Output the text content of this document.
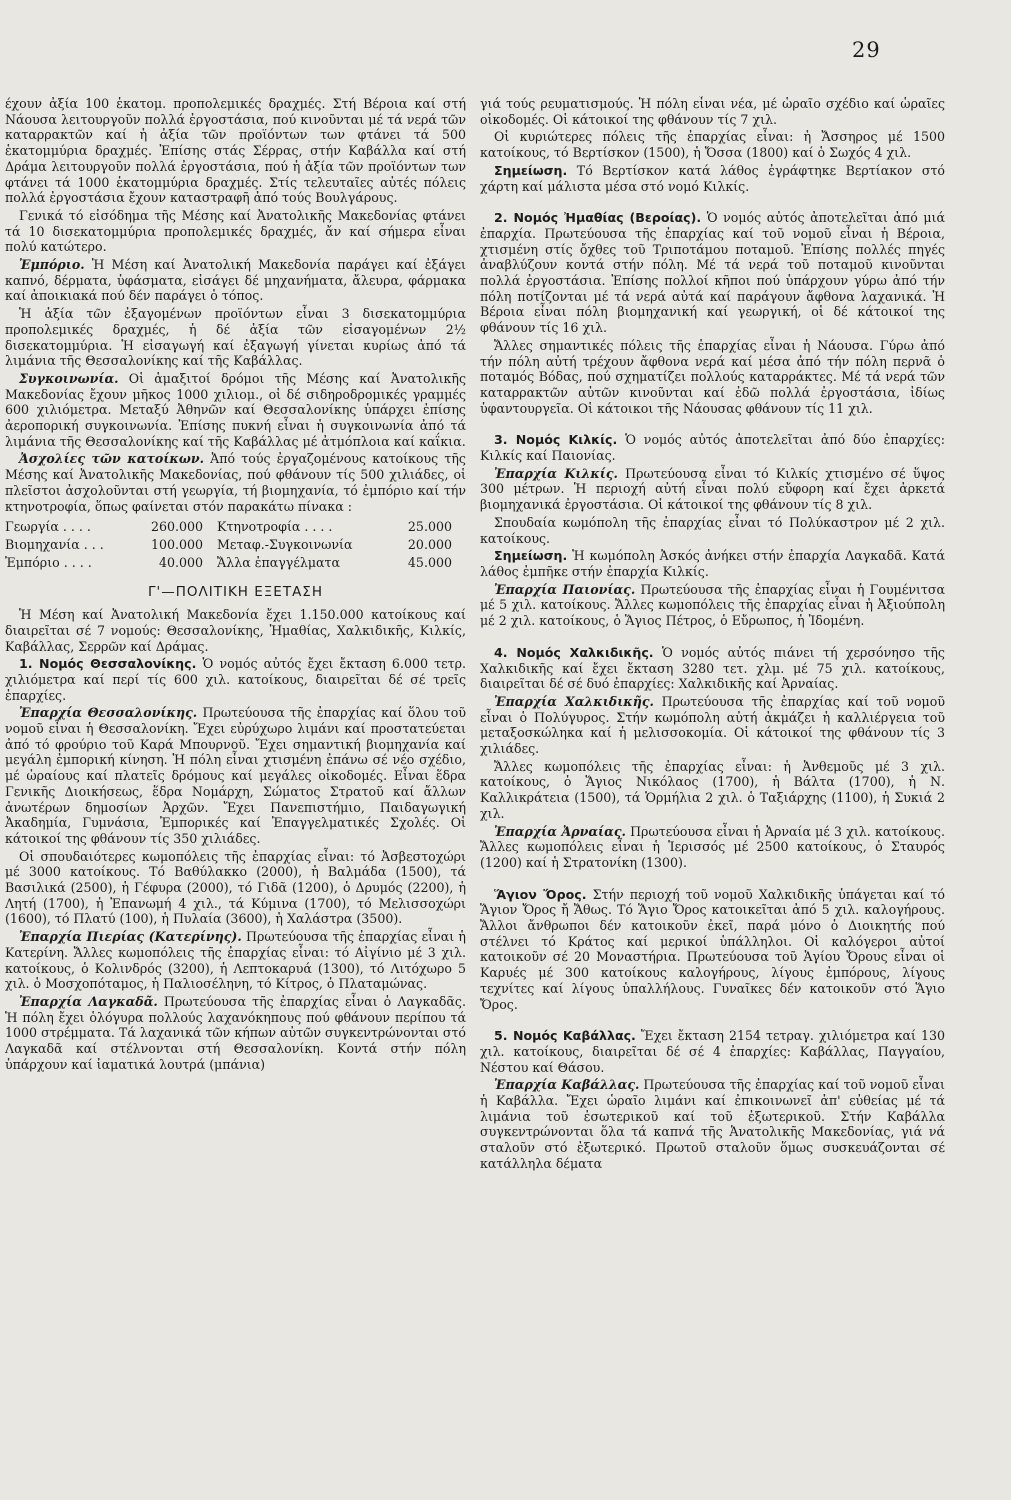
29

έχουν ἀξία 100 ἑκατομ. προπολεμικές δραχμές. Στή Βέροια καί στή Νάουσα λειτουργοῦν πολλά ἐργοστάσια, πού κινοῦνται μέ τά νερά τῶν καταρρακτῶν καί ἡ ἀξία τῶν προϊόντων των φτάνει τά 500 ἑκατομμύρια δραχμές. Ἐπίσης στάς Σέρρας, στήν Καβάλλα καί στή Δράμα λειτουργοῦν πολλά ἐργοστάσια, πού ἡ ἀξία τῶν προϊόντων των φτάνει τά 1000 ἑκατομμύρια δραχμές. Στίς τελευταῖες αὐτές πόλεις πολλά ἐργοστάσια ἔχουν καταστραφῆ ἀπό τούς Βουλγάρους.

Γενικά τό εἰσόδημα τῆς Μέσης καί Ἀνατολικῆς Μακεδονίας φτάνει τά 10 δισεκατομμύρια προπολεμικές δραχμές, ἄν καί σήμερα εἶναι πολύ κατώτερο.

Ἐμπόριο. Ἡ Μέση καί Ἀνατολική Μακεδονία παράγει καί ἐξάγει καπνό, δέρματα, ὑφάσματα, εἰσάγει δέ μηχανήματα, ἄλευρα, φάρμακα καί ἀποικιακά πού δέν παράγει ὁ τόπος.

Ἡ ἀξία τῶν ἐξαγομένων προϊόντων εἶναι 3 δισεκατομμύρια προπολεμικές δραχμές, ἡ δέ ἀξία τῶν εἰσαγομένων 2½ δισεκατομμύρια. Ἡ εἰσαγωγή καί ἐξαγωγή γίνεται κυρίως ἀπό τά λιμάνια τῆς Θεσσαλονίκης καί τῆς Καβάλλας.

Συγκοινωνία. Οἱ ἁμαξιτοί δρόμοι τῆς Μέσης καί Ἀνατολικῆς Μακεδονίας ἔχουν μῆκος 1000 χιλιομ., οἱ δέ σιδηροδρομικές γραμμές 600 χιλιόμετρα. Μεταξύ Ἀθηνῶν καί Θεσσαλονίκης ὑπάρχει ἐπίσης ἀεροπορική συγκοινωνία. Ἐπίσης πυκνή εἶναι ἡ συγκοινωνία ἀπό τά λιμάνια τῆς Θεσσαλονίκης καί τῆς Καβάλλας μέ ἀτμόπλοια καί καΐκια.

Ἀσχολίες τῶν κατοίκων. Ἀπό τούς ἐργαζομένους κατοίκους τῆς Μέσης καί Ἀνατολικῆς Μακεδονίας, πού φθάνουν τίς 500 χιλιάδες, οἱ πλεῖστοι ἀσχολοῦνται στή γεωργία, τή βιομηχανία, τό ἐμπόριο καί τήν κτηνοτροφία, ὅπως φαίνεται στόν παρακάτω πίνακα :

Γεωργία . . . .	260.000	Κτηνοτροφία . . . .	25.000
Βιομηχανία . . .	100.000	Μεταφ.-Συγκοινωνία	20.000
Ἐμπόριο . . . .	40.000	Ἄλλα ἐπαγγέλματα	45.000
Γ'—ΠΟΛΙΤΙΚΗ ΕΞΕΤΑΣΗ

Ἡ Μέση καί Ἀνατολική Μακεδονία ἔχει 1.150.000 κατοίκους καί διαιρεῖται σέ 7 νομούς: Θεσσαλονίκης, Ἠμαθίας, Χαλκιδικῆς, Κιλκίς, Καβάλλας, Σερρῶν καί Δράμας.

1. Νομός Θεσσαλονίκης. Ὁ νομός αὐτός ἔχει ἔκταση 6.000 τετρ. χιλιόμετρα καί περί τίς 600 χιλ. κατοίκους, διαιρεῖται δέ σέ τρεῖς ἐπαρχίες.

Ἐπαρχία Θεσσαλονίκης. Πρωτεύουσα τῆς ἐπαρχίας καί ὅλου τοῦ νομοῦ εἶναι ἡ Θεσσαλονίκη. Ἔχει εὐρύχωρο λιμάνι καί προστατεύεται ἀπό τό φρούριο τοῦ Καρά Μπουρνοῦ. Ἔχει σημαντική βιομηχανία καί μεγάλη ἐμπορική κίνηση. Ἡ πόλη εἶναι χτισμένη ἐπάνω σέ νέο σχέδιο, μέ ὡραίους καί πλατεῖς δρόμους καί μεγάλες οἰκοδομές. Εἶναι ἕδρα Γενικῆς Διοικήσεως, ἕδρα Νομάρχη, Σώματος Στρατοῦ καί ἄλλων ἀνωτέρων δημοσίων Ἀρχῶν. Ἔχει Πανεπιστήμιο, Παιδαγωγική Ἀκαδημία, Γυμνάσια, Ἐμπορικές καί Ἐπαγγελματικές Σχολές. Οἱ κάτοικοί της φθάνουν τίς 350 χιλιάδες.

Οἱ σπουδαιότερες κωμοπόλεις τῆς ἐπαρχίας εἶναι: τό Ἀσβεστοχώρι μέ 3000 κατοίκους. Τό Βαθύλακκο (2000), ἡ Βαλμάδα (1500), τά Βασιλικά (2500), ἡ Γέφυρα (2000), τό Γιδᾶ (1200), ὁ Δρυμός (2200), ἡ Λητή (1700), ἡ Ἐπανωμή 4 χιλ., τά Κύμινα (1700), τό Μελισσοχώρι (1600), τό Πλατύ (100), ἡ Πυλαία (3600), ἡ Χαλάστρα (3500).

Ἐπαρχία Πιερίας (Κατερίνης). Πρωτεύουσα τῆς ἐπαρχίας εἶναι ἡ Κατερίνη. Ἄλλες κωμοπόλεις τῆς ἐπαρχίας εἶναι: τό Αἰγίνιο μέ 3 χιλ. κατοίκους, ὁ Κολινδρός (3200), ἡ Λεπτοκαρυά (1300), τό Λιτόχωρο 5 χιλ. ὁ Μοσχοπόταμος, ἡ Παλιοσέληνη, τό Κίτρος, ὁ Πλαταμώνας.

Ἐπαρχία Λαγκαδᾶ. Πρωτεύουσα τῆς ἐπαρχίας εἶναι ὁ Λαγκαδᾶς. Ἡ πόλη ἔχει ὁλόγυρα πολλούς λαχανόκηπους πού φθάνουν περίπου τά 1000 στρέμματα. Τά λαχανικά τῶν κήπων αὐτῶν συγκεντρώνονται στό Λαγκαδᾶ καί στέλνονται στή Θεσσαλονίκη. Κοντά στήν πόλη ὑπάρχουν καί ἰαματικά λουτρά (μπάνια)

γιά τούς ρευματισμούς. Ἡ πόλη εἶναι νέα, μέ ὡραῖο σχέδιο καί ὡραῖες οἰκοδομές. Οἱ κάτοικοί της φθάνουν τίς 7 χιλ.

Οἱ κυριώτερες πόλεις τῆς ἐπαρχίας εἶναι: ἡ Ἄσσηρος μέ 1500 κατοίκους, τό Βερτίσκον (1500), ἡ Ὄσσα (1800) καί ὁ Σωχός 4 χιλ.

Σημείωση. Τό Βερτίσκον κατά λάθος ἐγράφτηκε Βερτίακον στό χάρτη καί μάλιστα μέσα στό νομό Κιλκίς.

2. Νομός Ἠμαθίας (Βεροίας). Ὁ νομός αὐτός ἀποτελεῖται ἀπό μιά ἐπαρχία. Πρωτεύουσα τῆς ἐπαρχίας καί τοῦ νομοῦ εἶναι ἡ Βέροια, χτισμένη στίς ὄχθες τοῦ Τριποτάμου ποταμοῦ. Ἐπίσης πολλές πηγές ἀναβλύζουν κοντά στήν πόλη. Μέ τά νερά τοῦ ποταμοῦ κινοῦνται πολλά ἐργοστάσια. Ἐπίσης πολλοί κῆποι πού ὑπάρχουν γύρω ἀπό τήν πόλη ποτίζονται μέ τά νερά αὐτά καί παράγουν ἄφθονα λαχανικά. Ἡ Βέροια εἶναι πόλη βιομηχανική καί γεωργική, οἱ δέ κάτοικοί της φθάνουν τίς 16 χιλ.

Ἄλλες σημαντικές πόλεις τῆς ἐπαρχίας εἶναι ἡ Νάουσα. Γύρω ἀπό τήν πόλη αὐτή τρέχουν ἄφθονα νερά καί μέσα ἀπό τήν πόλη περνᾶ ὁ ποταμός Βόδας, πού σχηματίζει πολλούς καταρράκτες. Μέ τά νερά τῶν καταρρακτῶν αὐτῶν κινοῦνται καί ἐδῶ πολλά ἐργοστάσια, ἰδίως ὑφαντουργεῖα. Οἱ κάτοικοι τῆς Νάουσας φθάνουν τίς 11 χιλ.

3. Νομός Κιλκίς. Ὁ νομός αὐτός ἀποτελεῖται ἀπό δύο ἐπαρχίες: Κιλκίς καί Παιονίας.

Ἐπαρχία Κιλκίς. Πρωτεύουσα εἶναι τό Κιλκίς χτισμένο σέ ὕψος 300 μέτρων. Ἡ περιοχή αὐτή εἶναι πολύ εὔφορη καί ἔχει ἀρκετά βιομηχανικά ἐργοστάσια. Οἱ κάτοικοί της φθάνουν τίς 8 χιλ.

Σπουδαία κωμόπολη τῆς ἐπαρχίας εἶναι τό Πολύκαστρον μέ 2 χιλ. κατοίκους.

Σημείωση. Ἡ κωμόπολη Ἀσκός ἀνήκει στήν ἐπαρχία Λαγκαδᾶ. Κατά λάθος ἐμπῆκε στήν ἐπαρχία Κιλκίς.

Ἐπαρχία Παιονίας. Πρωτεύουσα τῆς ἐπαρχίας εἶναι ἡ Γουμένιτσα μέ 5 χιλ. κατοίκους. Ἄλλες κωμοπόλεις τῆς ἐπαρχίας εἶναι ἡ Ἀξιούπολη μέ 2 χιλ. κατοίκους, ὁ Ἅγιος Πέτρος, ὁ Εὔρωπος, ἡ Ἰδομένη.

4. Νομός Χαλκιδικῆς. Ὁ νομός αὐτός πιάνει τή χερσόνησο τῆς Χαλκιδικῆς καί ἔχει ἔκταση 3280 τετ. χλμ. μέ 75 χιλ. κατοίκους, διαιρεῖται δέ σέ δυό ἐπαρχίες: Χαλκιδικῆς καί Ἀρναίας.

Ἐπαρχία Χαλκιδικῆς. Πρωτεύουσα τῆς ἐπαρχίας καί τοῦ νομοῦ εἶναι ὁ Πολύγυρος. Στήν κωμόπολη αὐτή ἀκμάζει ἡ καλλιέργεια τοῦ μεταξοσκώληκα καί ἡ μελισσοκομία. Οἱ κάτοικοί της φθάνουν τίς 3 χιλιάδες.

Ἄλλες κωμοπόλεις τῆς ἐπαρχίας εἶναι: ἡ Ἀνθεμοῦς μέ 3 χιλ. κατοίκους, ὁ Ἅγιος Νικόλαος (1700), ἡ Βάλτα (1700), ἡ Ν. Καλλικράτεια (1500), τά Ὁρμήλια 2 χιλ. ὁ Ταξιάρχης (1100), ἡ Συκιά 2 χιλ.

Ἐπαρχία Ἀρναίας. Πρωτεύουσα εἶναι ἡ Ἀρναία μέ 3 χιλ. κατοίκους. Ἄλλες κωμοπόλεις εἶναι ἡ Ἱερισσός μέ 2500 κατοίκους, ὁ Σταυρός (1200) καί ἡ Στρατονίκη (1300).

Ἅγιον Ὄρος. Στήν περιοχή τοῦ νομοῦ Χαλκιδικῆς ὑπάγεται καί τό Ἅγιον Ὄρος ἤ Ἄθως. Τό Ἅγιο Ὄρος κατοικεῖται ἀπό 5 χιλ. καλογήρους. Ἄλλοι ἄνθρωποι δέν κατοικοῦν ἐκεῖ, παρά μόνο ὁ Διοικητής πού στέλνει τό Κράτος καί μερικοί ὑπάλληλοι. Οἱ καλόγεροι αὐτοί κατοικοῦν σέ 20 Μοναστήρια. Πρωτεύουσα τοῦ Ἁγίου Ὄρους εἶναι οἱ Καρυές μέ 300 κατοίκους καλογήρους, λίγους ἐμπόρους, λίγους τεχνίτες καί λίγους ὑπαλλήλους. Γυναῖκες δέν κατοικοῦν στό Ἅγιο Ὄρος.

5. Νομός Καβάλλας. Ἔχει ἔκταση 2154 τετραγ. χιλιόμετρα καί 130 χιλ. κατοίκους, διαιρεῖται δέ σέ 4 ἐπαρχίες: Καβάλλας, Παγγαίου, Νέστου καί Θάσου.

Ἐπαρχία Καβάλλας. Πρωτεύουσα τῆς ἐπαρχίας καί τοῦ νομοῦ εἶναι ἡ Καβάλλα. Ἔχει ὡραῖο λιμάνι καί ἐπικοινωνεῖ ἀπ' εὐθείας μέ τά λιμάνια τοῦ ἐσωτερικοῦ καί τοῦ ἐξωτερικοῦ. Στήν Καβάλλα συγκεντρώνονται ὅλα τά καπνά τῆς Ἀνατολικῆς Μακεδονίας, γιά νά σταλοῦν στό ἐξωτερικό. Πρωτοῦ σταλοῦν ὅμως συσκευάζονται σέ κατάλληλα δέματα
